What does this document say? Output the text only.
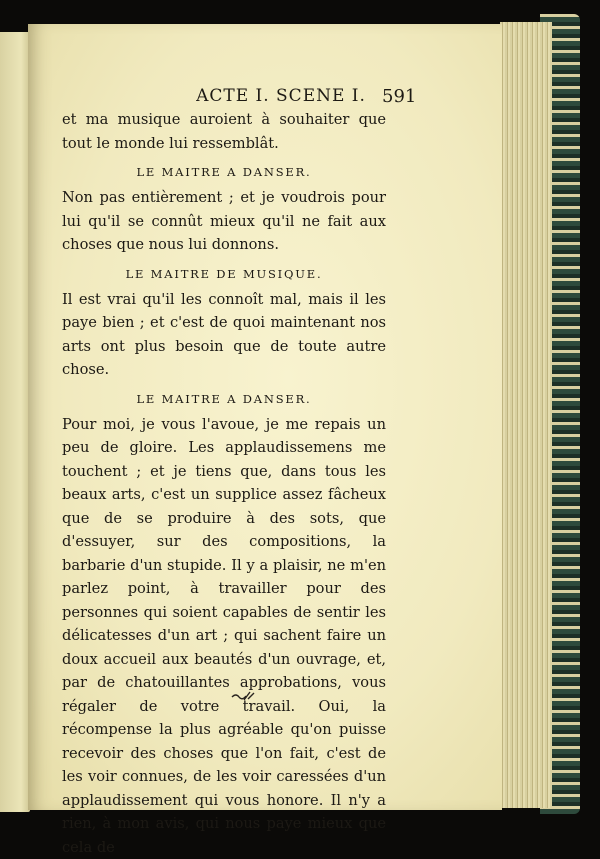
ACTE I. SCENE I. 591

et ma musique auroient à souhaiter que tout le monde lui ressemblât.

LE MAITRE A DANSER.

Non pas entièrement ; et je voudrois pour lui qu'il se connût mieux qu'il ne fait aux choses que nous lui donnons.

LE MAITRE DE MUSIQUE.

Il est vrai qu'il les connoît mal, mais il les paye bien ; et c'est de quoi maintenant nos arts ont plus besoin que de toute autre chose.

LE MAITRE A DANSER.

Pour moi, je vous l'avoue, je me repais un peu de gloire. Les applaudissemens me touchent ; et je tiens que, dans tous les beaux arts, c'est un supplice assez fâcheux que de se produire à des sots, que d'essuyer, sur des compositions, la barbarie d'un stupide. Il y a plaisir, ne m'en parlez point, à travailler pour des personnes qui soient capables de sentir les délicatesses d'un art ; qui sachent faire un doux accueil aux beautés d'un ouvrage, et, par de chatouillantes approbations, vous régaler de votre travail. Oui, la récompense la plus agréable qu'on puisse recevoir des choses que l'on fait, c'est de les voir connues, de les voir caressées d'un applaudissement qui vous honore. Il n'y a rien, à mon avis, qui nous paye mieux que cela de
